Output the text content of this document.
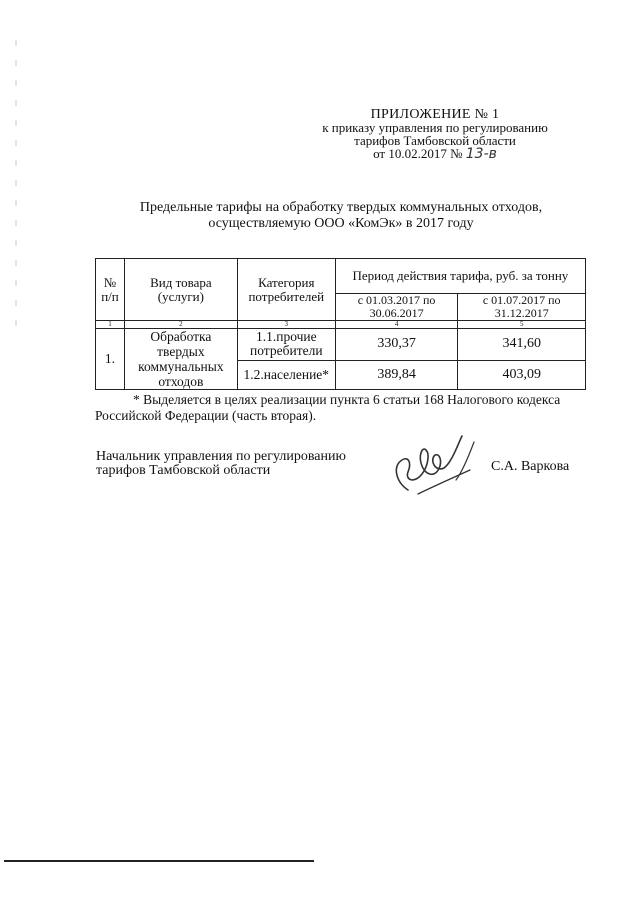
ПРИЛОЖЕНИЕ № 1
к приказу управления по регулированию
тарифов Тамбовской области
от 10.02.2017 № 13-в
Предельные тарифы на обработку твердых коммунальных отходов,
осуществляемую ООО «КомЭк» в 2017 году
№ п/п	Вид товара (услуги)	Категория потребителей	Период действия тарифа, руб. за тонну	
			с 01.03.2017 по 30.06.2017	с 01.07.2017 по 31.12.2017
1	2	3	4	5
1.	Обработка твердых коммунальных отходов	1.1.прочие потребители	330,37	341,60
		1.2.население*	389,84	403,09
* Выделяется в целях реализации пункта 6 статьи 168 Налогового кодекса
Российской Федерации (часть вторая).
Начальник управления по регулированию
тарифов Тамбовской области	С.А. Варкова
